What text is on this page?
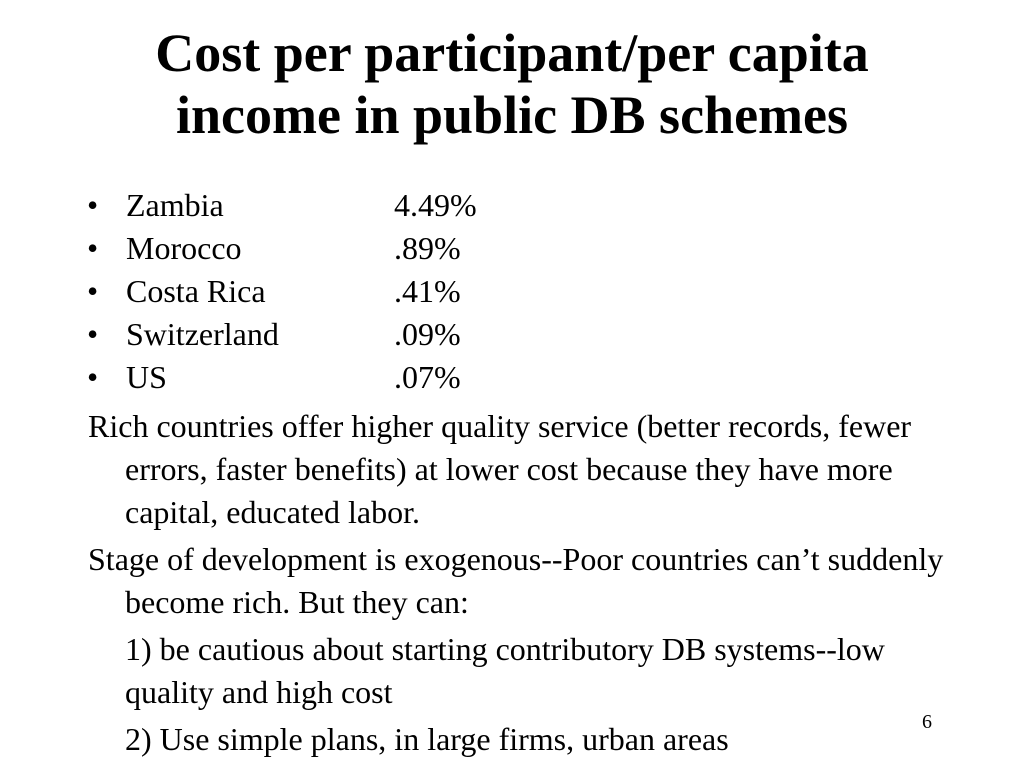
Cost per participant/per capita
income in public DB schemes
• Zambia	4.49%
• Morocco	.89%
• Costa Rica	.41%
• Switzerland	.09%
• US	.07%

Rich countries offer higher quality service (better records, fewer errors, faster benefits) at lower cost because they have more capital, educated labor.

Stage of development is exogenous--Poor countries can’t suddenly become rich. But they can:

1) be cautious about starting contributory DB systems--low quality and high cost

2) Use simple plans, in large firms, urban areas	6
